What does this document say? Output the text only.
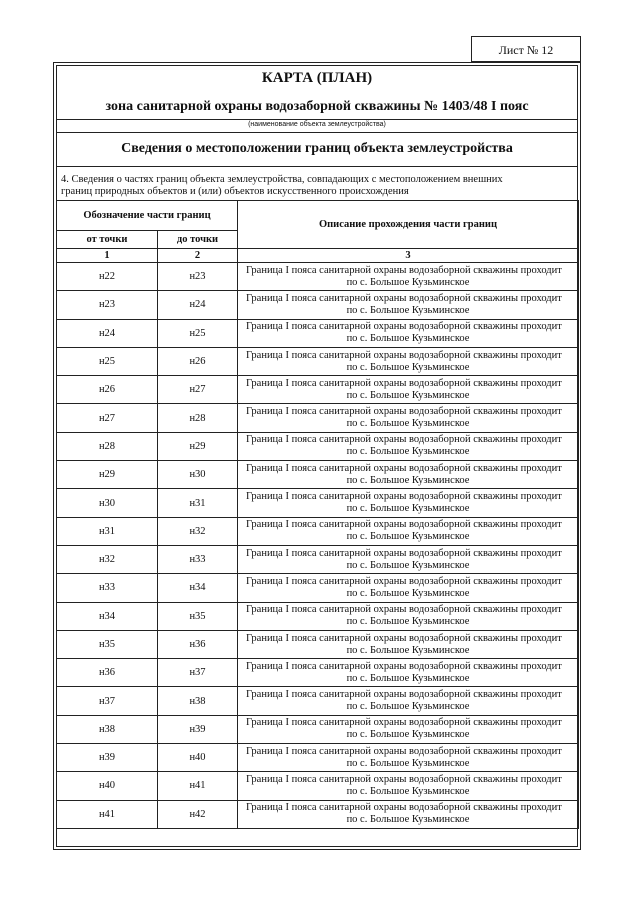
Лист № 12
КАРТА (ПЛАН)
зона санитарной охраны водозаборной скважины № 1403/48 I пояс
(наименование объекта землеустройства)
Сведения о местоположении границ объекта землеустройства
4. Сведения о частях границ объекта землеустройства, совпадающих с местоположением внешних
границ природных объектов и (или) объектов искусственного происхождения
Обозначение части границ		Описание прохождения части границ
от точки	до точки	
1	2	3
н22	н23	Граница I пояса санитарной охраны водозаборной скважины проходит
по с. Большое Кузьминское

н23	н24	Граница I пояса санитарной охраны водозаборной скважины проходит
по с. Большое Кузьминское

н24	н25	Граница I пояса санитарной охраны водозаборной скважины проходит
по с. Большое Кузьминское

н25	н26	Граница I пояса санитарной охраны водозаборной скважины проходит
по с. Большое Кузьминское

н26	н27	Граница I пояса санитарной охраны водозаборной скважины проходит
по с. Большое Кузьминское

н27	н28	Граница I пояса санитарной охраны водозаборной скважины проходит
по с. Большое Кузьминское

н28	н29	Граница I пояса санитарной охраны водозаборной скважины проходит
по с. Большое Кузьминское

н29	н30	Граница I пояса санитарной охраны водозаборной скважины проходит
по с. Большое Кузьминское

н30	н31	Граница I пояса санитарной охраны водозаборной скважины проходит
по с. Большое Кузьминское

н31	н32	Граница I пояса санитарной охраны водозаборной скважины проходит
по с. Большое Кузьминское

н32	н33	Граница I пояса санитарной охраны водозаборной скважины проходит
по с. Большое Кузьминское

н33	н34	Граница I пояса санитарной охраны водозаборной скважины проходит
по с. Большое Кузьминское

н34	н35	Граница I пояса санитарной охраны водозаборной скважины проходит
по с. Большое Кузьминское

н35	н36	Граница I пояса санитарной охраны водозаборной скважины проходит
по с. Большое Кузьминское

н36	н37	Граница I пояса санитарной охраны водозаборной скважины проходит
по с. Большое Кузьминское

н37	н38	Граница I пояса санитарной охраны водозаборной скважины проходит
по с. Большое Кузьминское

н38	н39	Граница I пояса санитарной охраны водозаборной скважины проходит
по с. Большое Кузьминское

н39	н40	Граница I пояса санитарной охраны водозаборной скважины проходит
по с. Большое Кузьминское

н40	н41	Граница I пояса санитарной охраны водозаборной скважины проходит
по с. Большое Кузьминское

н41	н42	Граница I пояса санитарной охраны водозаборной скважины проходит
по с. Большое Кузьминское
